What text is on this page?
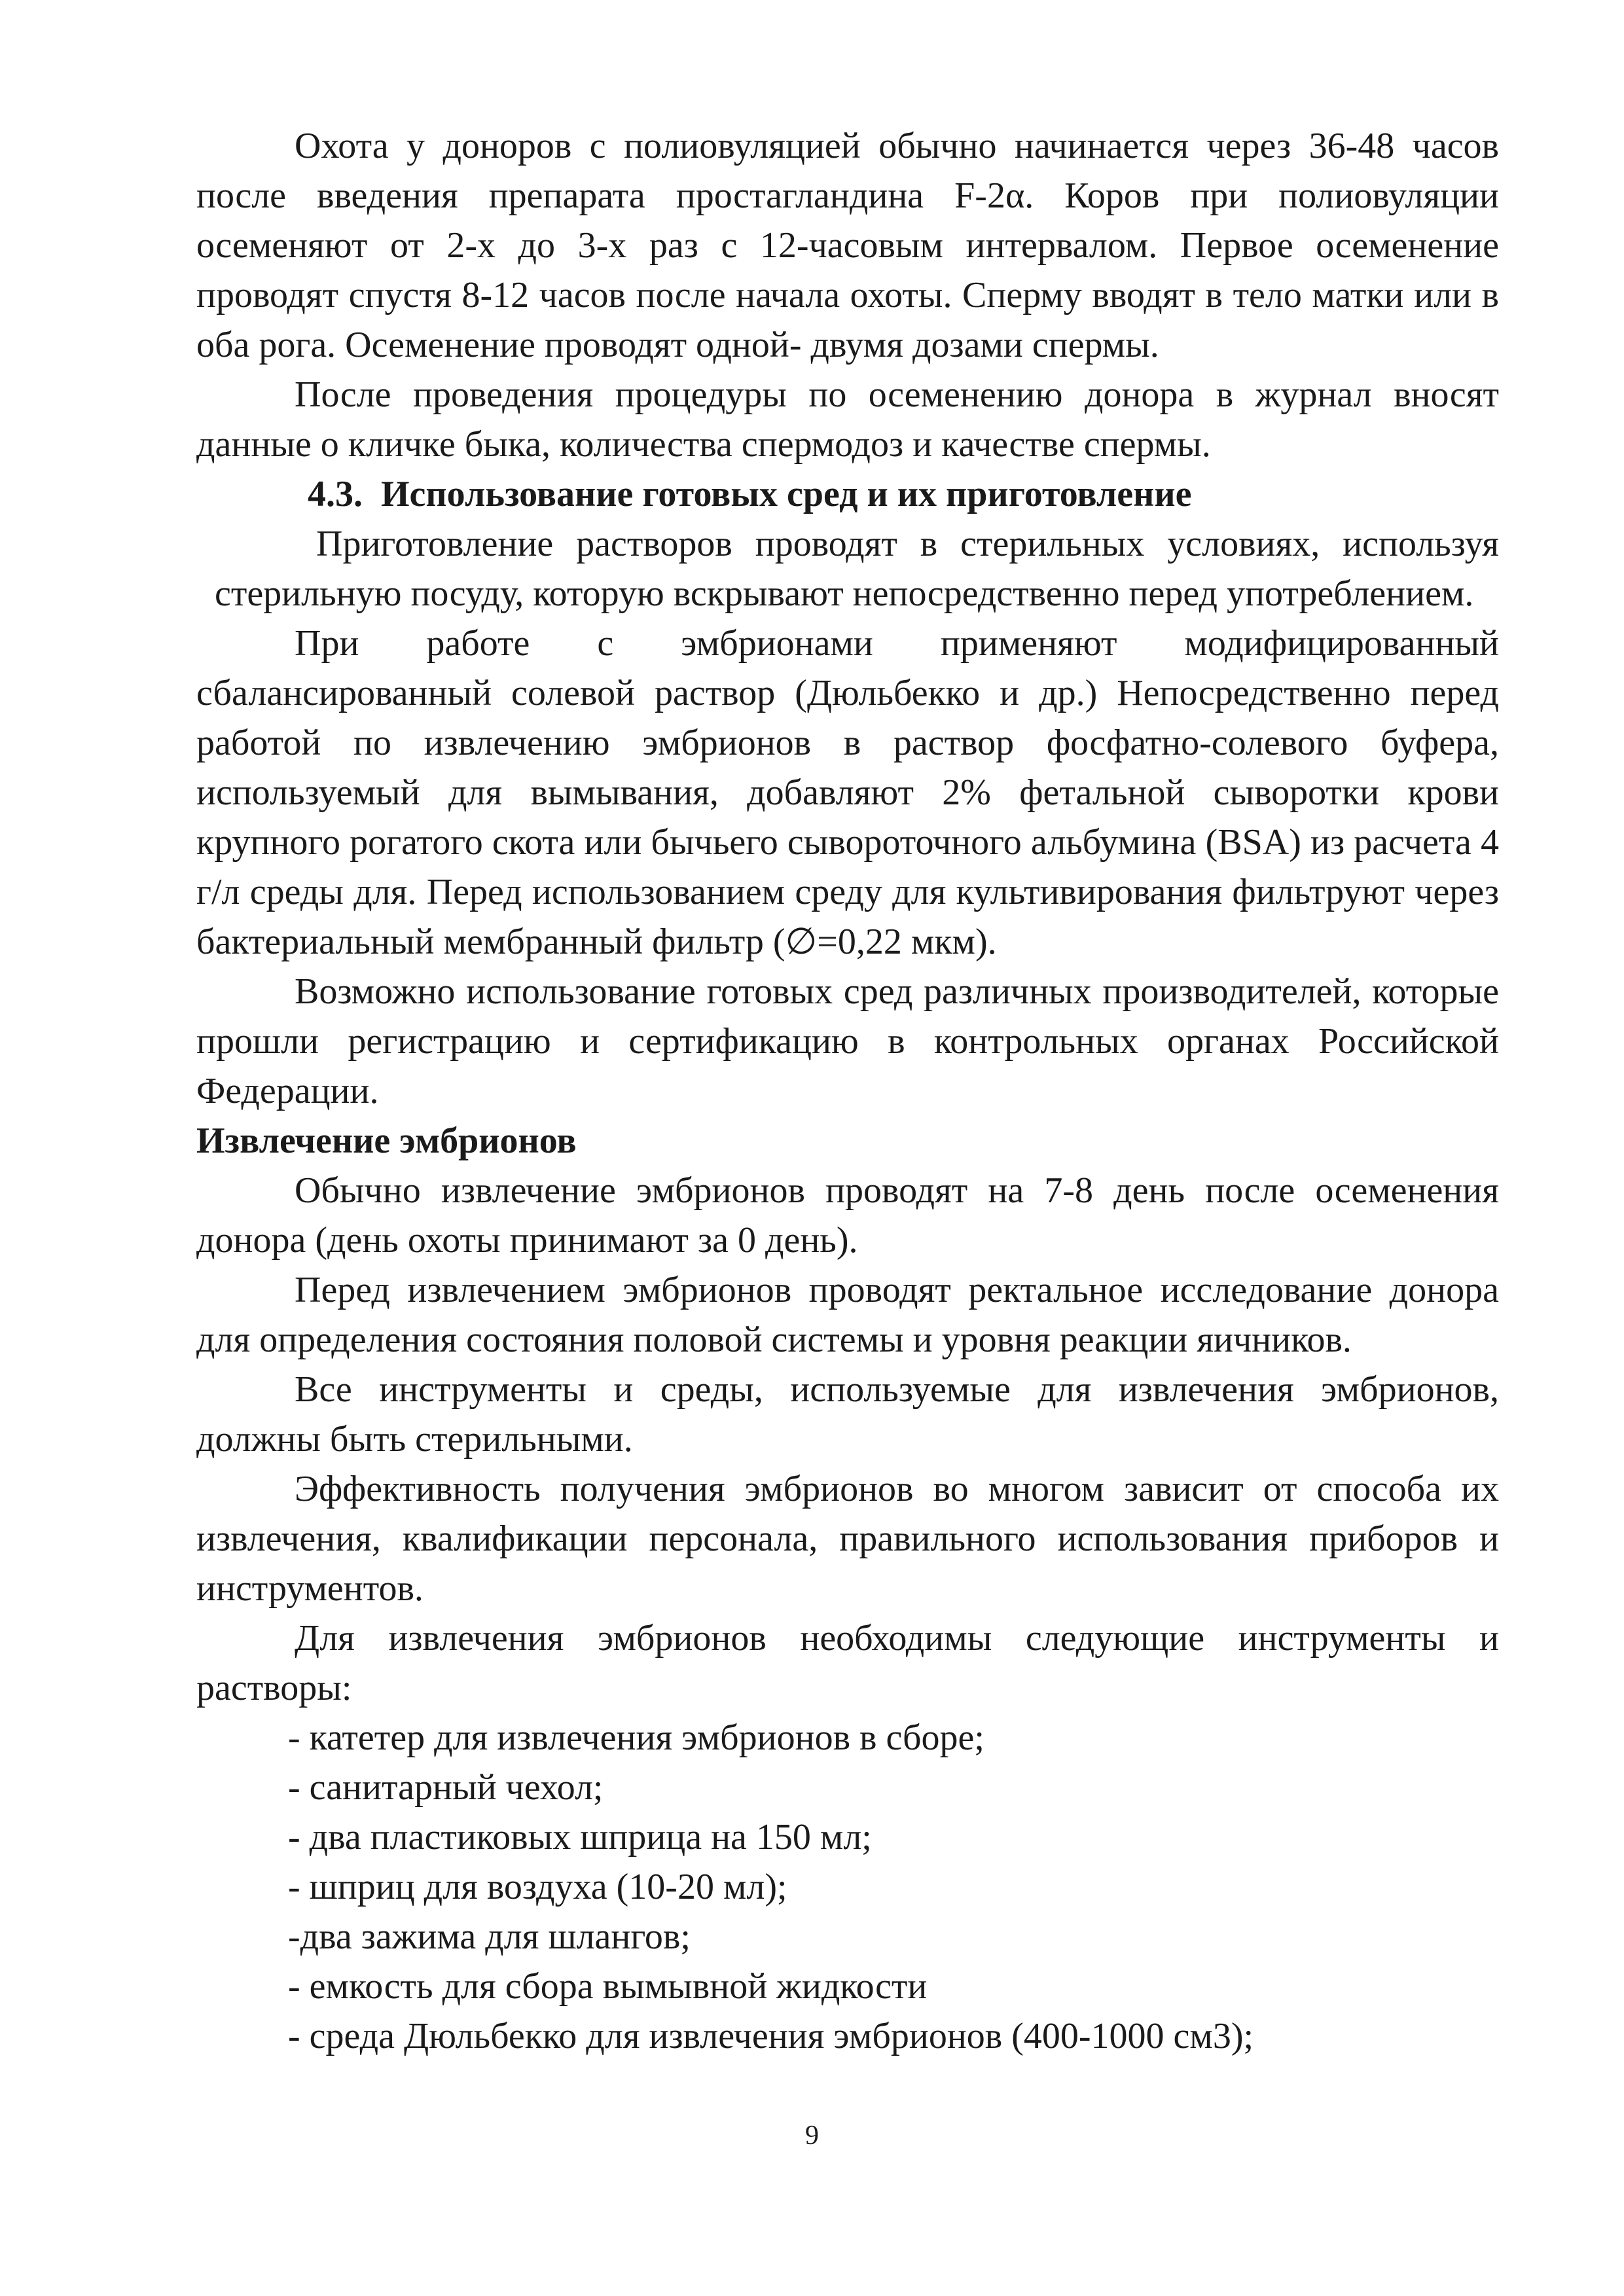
Охота у доноров с полиовуляцией обычно начинается через 36-48 часов после введения препарата простагландина F-2α. Коров при полиовуляции осеменяют от 2-х до 3-х раз с 12-часовым интервалом. Первое осеменение проводят спустя 8-12 часов после начала охоты. Сперму вводят в тело матки или в оба рога. Осеменение проводят одной- двумя дозами спермы.

После проведения процедуры по осеменению донора в журнал вносят данные о кличке быка, количества спермодоз и качестве спермы.

4.3. Использование готовых сред и их приготовление

Приготовление растворов проводят в стерильных условиях, используя стерильную посуду, которую вскрывают непосредственно перед употреблением.

При работе с эмбрионами применяют модифицированный сбалансированный солевой раствор (Дюльбекко и др.) Непосредственно перед работой по извлечению эмбрионов в раствор фосфатно-солевого буфера, используемый для вымывания, добавляют 2% фетальной сыворотки крови крупного рогатого скота или бычьего сывороточного альбумина (BSA) из расчета 4 г/л среды для. Перед использованием среду для культивирования фильтруют через бактериальный мембранный фильтр (∅=0,22 мкм).

Возможно использование готовых сред различных производителей, которые прошли регистрацию и сертификацию в контрольных органах Российской Федерации.

Извлечение эмбрионов

Обычно извлечение эмбрионов проводят на 7-8 день после осеменения донора (день охоты принимают за 0 день).

Перед извлечением эмбрионов проводят ректальное исследование донора для определения состояния половой системы и уровня реакции яичников.

Все инструменты и среды, используемые для извлечения эмбрионов, должны быть стерильными.

Эффективность получения эмбрионов во многом зависит от способа их извлечения, квалификации персонала, правильного использования приборов и инструментов.

Для извлечения эмбрионов необходимы следующие инструменты и растворы:

- катетер для извлечения эмбрионов в сборе;

- санитарный чехол;

- два пластиковых шприца на 150 мл;

- шприц для воздуха (10-20 мл);

-два зажима для шлангов;

- емкость для сбора вымывной жидкости

- среда Дюльбекко для извлечения эмбрионов (400-1000 см3);

9
